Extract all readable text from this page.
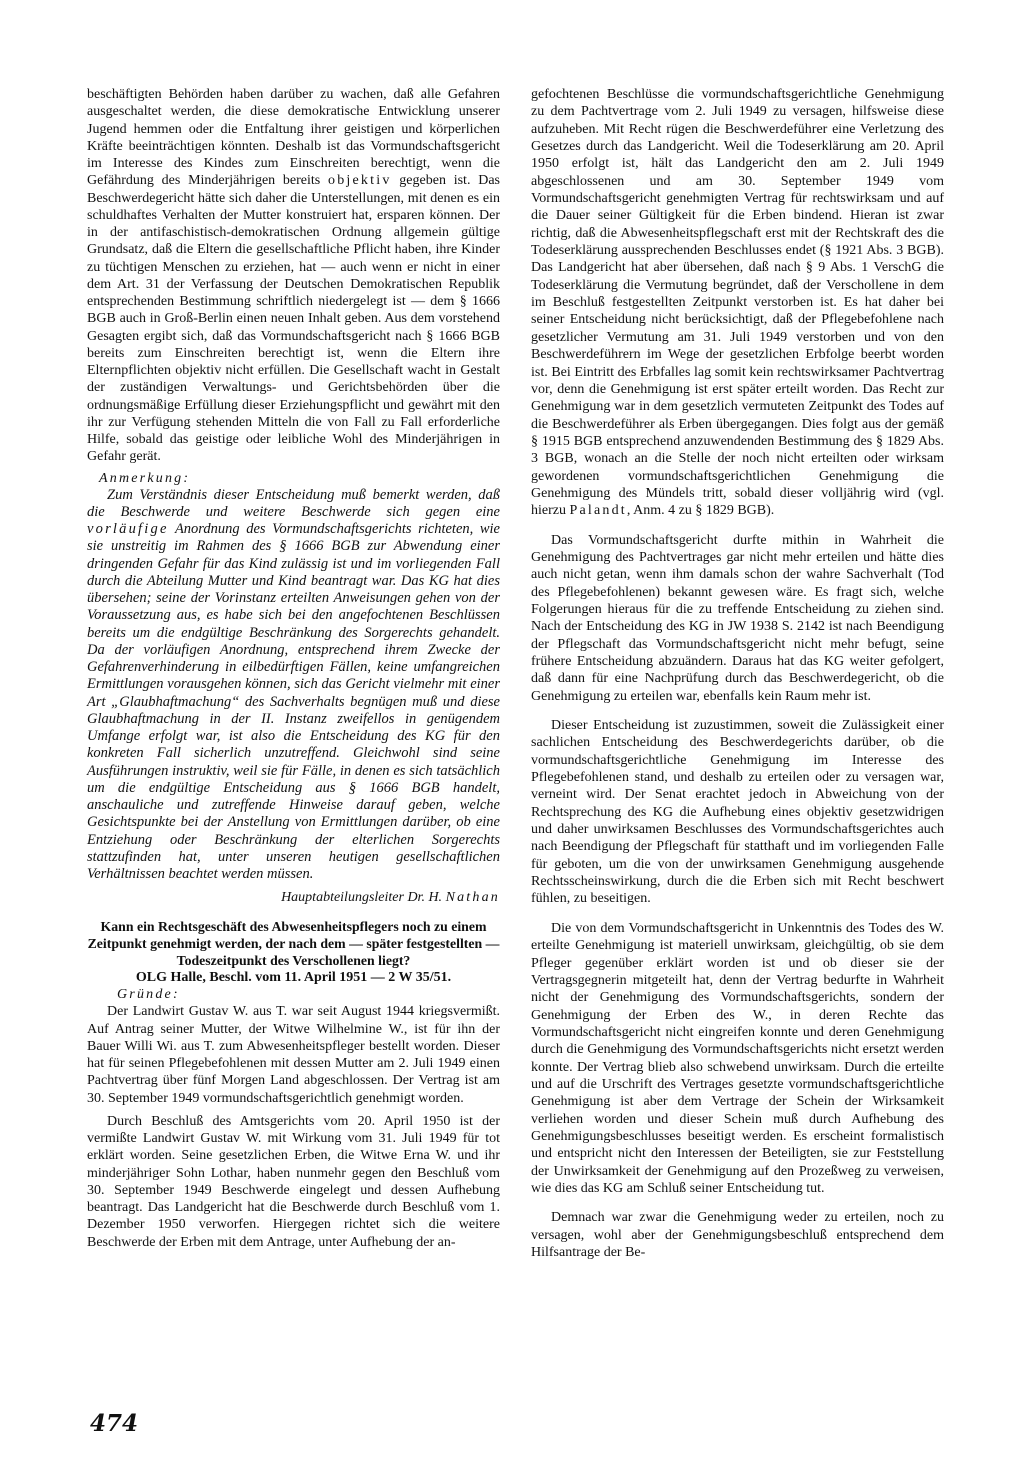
beschäftigten Behörden haben darüber zu wachen, daß alle Gefahren ausgeschaltet werden, die diese demokratische Entwicklung unserer Jugend hemmen oder die Entfaltung ihrer geistigen und körperlichen Kräfte beeinträchtigen könnten. Deshalb ist das Vormundschaftsgericht im Interesse des Kindes zum Einschreiten berechtigt, wenn die Gefährdung des Minderjährigen bereits objektiv gegeben ist. Das Beschwerdegericht hätte sich daher die Unterstellungen, mit denen es ein schuldhaftes Verhalten der Mutter konstruiert hat, ersparen können. Der in der antifaschistisch-demokratischen Ordnung allgemein gültige Grundsatz, daß die Eltern die gesellschaftliche Pflicht haben, ihre Kinder zu tüchtigen Menschen zu erziehen, hat — auch wenn er nicht in einer dem Art. 31 der Verfassung der Deutschen Demokratischen Republik entsprechenden Bestimmung schriftlich niedergelegt ist — dem § 1666 BGB auch in Groß-Berlin einen neuen Inhalt geben. Aus dem vorstehend Gesagten ergibt sich, daß das Vormundschaftsgericht nach § 1666 BGB bereits zum Einschreiten berechtigt ist, wenn die Eltern ihre Elternpflichten objektiv nicht erfüllen. Die Gesellschaft wacht in Gestalt der zuständigen Verwaltungs- und Gerichtsbehörden über die ordnungsmäßige Erfüllung dieser Erziehungspflicht und gewährt mit den ihr zur Verfügung stehenden Mitteln die von Fall zu Fall erforderliche Hilfe, sobald das geistige oder leibliche Wohl des Minderjährigen in Gefahr gerät.

Anmerkung:

Zum Verständnis dieser Entscheidung muß bemerkt werden, daß die Beschwerde und weitere Beschwerde sich gegen eine vorläufige Anordnung des Vormundschaftsgerichts richteten, wie sie unstreitig im Rahmen des § 1666 BGB zur Abwendung einer dringenden Gefahr für das Kind zulässig ist und im vorliegenden Fall durch die Abteilung Mutter und Kind beantragt war. Das KG hat dies übersehen; seine der Vorinstanz erteilten Anweisungen gehen von der Voraussetzung aus, es habe sich bei den angefochtenen Beschlüssen bereits um die endgültige Beschränkung des Sorgerechts gehandelt. Da der vorläufigen Anordnung, entsprechend ihrem Zwecke der Gefahrenverhinderung in eilbedürftigen Fällen, keine umfangreichen Ermittlungen vorausgehen können, sich das Gericht vielmehr mit einer Art „Glaubhaftmachung“ des Sachverhalts begnügen muß und diese Glaubhaftmachung in der II. Instanz zweifellos in genügendem Umfange erfolgt war, ist also die Entscheidung des KG für den konkreten Fall sicherlich unzutreffend. Gleichwohl sind seine Ausführungen instruktiv, weil sie für Fälle, in denen es sich tatsächlich um die endgültige Entscheidung aus § 1666 BGB handelt, anschauliche und zutreffende Hinweise darauf geben, welche Gesichtspunkte bei der Anstellung von Ermittlungen darüber, ob eine Entziehung oder Beschränkung der elterlichen Sorgerechts stattzufinden hat, unter unseren heutigen gesellschaftlichen Verhältnissen beachtet werden müssen.

Hauptabteilungsleiter Dr. H. Nathan

Kann ein Rechtsgeschäft des Abwesenheitspflegers noch zu einem Zeitpunkt genehmigt werden, der nach dem — später festgestellten — Todeszeitpunkt des Verschollenen liegt?

OLG Halle, Beschl. vom 11. April 1951 — 2 W 35/51.

Gründe:

Der Landwirt Gustav W. aus T. war seit August 1944 kriegsvermißt. Auf Antrag seiner Mutter, der Witwe Wilhelmine W., ist für ihn der Bauer Willi Wi. aus T. zum Abwesenheitspfleger bestellt worden. Dieser hat für seinen Pflegebefohlenen mit dessen Mutter am 2. Juli 1949 einen Pachtvertrag über fünf Morgen Land abgeschlossen. Der Vertrag ist am 30. September 1949 vormundschaftsgerichtlich genehmigt worden.

Durch Beschluß des Amtsgerichts vom 20. April 1950 ist der vermißte Landwirt Gustav W. mit Wirkung vom 31. Juli 1949 für tot erklärt worden. Seine gesetzlichen Erben, die Witwe Erna W. und ihr minderjähriger Sohn Lothar, haben nunmehr gegen den Beschluß vom 30. September 1949 Beschwerde eingelegt und dessen Aufhebung beantragt. Das Landgericht hat die Beschwerde durch Beschluß vom 1. Dezember 1950 verworfen. Hiergegen richtet sich die weitere Beschwerde der Erben mit dem Antrage, unter Aufhebung der an-

gefochtenen Beschlüsse die vormundschaftsgerichtliche Genehmigung zu dem Pachtvertrage vom 2. Juli 1949 zu versagen, hilfsweise diese aufzuheben. Mit Recht rügen die Beschwerdeführer eine Verletzung des Gesetzes durch das Landgericht. Weil die Todeserklärung am 20. April 1950 erfolgt ist, hält das Landgericht den am 2. Juli 1949 abgeschlossenen und am 30. September 1949 vom Vormundschaftsgericht genehmigten Vertrag für rechtswirksam und auf die Dauer seiner Gültigkeit für die Erben bindend. Hieran ist zwar richtig, daß die Abwesenheitspflegschaft erst mit der Rechtskraft des die Todeserklärung aussprechenden Beschlusses endet (§ 1921 Abs. 3 BGB). Das Landgericht hat aber übersehen, daß nach § 9 Abs. 1 VerschG die Todeserklärung die Vermutung begründet, daß der Verschollene in dem im Beschluß festgestellten Zeitpunkt verstorben ist. Es hat daher bei seiner Entscheidung nicht berücksichtigt, daß der Pflegebefohlene nach gesetzlicher Vermutung am 31. Juli 1949 verstorben und von den Beschwerdeführern im Wege der gesetzlichen Erbfolge beerbt worden ist. Bei Eintritt des Erbfalles lag somit kein rechtswirksamer Pachtvertrag vor, denn die Genehmigung ist erst später erteilt worden. Das Recht zur Genehmigung war in dem gesetzlich vermuteten Zeitpunkt des Todes auf die Beschwerdeführer als Erben übergegangen. Dies folgt aus der gemäß § 1915 BGB entsprechend anzuwendenden Bestimmung des § 1829 Abs. 3 BGB, wonach an die Stelle der noch nicht erteilten oder wirksam gewordenen vormundschaftsgerichtlichen Genehmigung die Genehmigung des Mündels tritt, sobald dieser volljährig wird (vgl. hierzu Palandt, Anm. 4 zu § 1829 BGB).

Das Vormundschaftsgericht durfte mithin in Wahrheit die Genehmigung des Pachtvertrages gar nicht mehr erteilen und hätte dies auch nicht getan, wenn ihm damals schon der wahre Sachverhalt (Tod des Pflegebefohlenen) bekannt gewesen wäre. Es fragt sich, welche Folgerungen hieraus für die zu treffende Entscheidung zu ziehen sind. Nach der Entscheidung des KG in JW 1938 S. 2142 ist nach Beendigung der Pflegschaft das Vormundschaftsgericht nicht mehr befugt, seine frühere Entscheidung abzuändern. Daraus hat das KG weiter gefolgert, daß dann für eine Nachprüfung durch das Beschwerdegericht, ob die Genehmigung zu erteilen war, ebenfalls kein Raum mehr ist.

Dieser Entscheidung ist zuzustimmen, soweit die Zulässigkeit einer sachlichen Entscheidung des Beschwerdegerichts darüber, ob die vormundschaftsgerichtliche Genehmigung im Interesse des Pflegebefohlenen stand, und deshalb zu erteilen oder zu versagen war, verneint wird. Der Senat erachtet jedoch in Abweichung von der Rechtsprechung des KG die Aufhebung eines objektiv gesetzwidrigen und daher unwirksamen Beschlusses des Vormundschaftsgerichtes auch nach Beendigung der Pflegschaft für statthaft und im vorliegenden Falle für geboten, um die von der unwirksamen Genehmigung ausgehende Rechtsscheinswirkung, durch die die Erben sich mit Recht beschwert fühlen, zu beseitigen.

Die von dem Vormundschaftsgericht in Unkenntnis des Todes des W. erteilte Genehmigung ist materiell unwirksam, gleichgültig, ob sie dem Pfleger gegenüber erklärt worden ist und ob dieser sie der Vertragsgegnerin mitgeteilt hat, denn der Vertrag bedurfte in Wahrheit nicht der Genehmigung des Vormundschaftsgerichts, sondern der Genehmigung der Erben des W., in deren Rechte das Vormundschaftsgericht nicht eingreifen konnte und deren Genehmigung durch die Genehmigung des Vormundschaftsgerichts nicht ersetzt werden konnte. Der Vertrag blieb also schwebend unwirksam. Durch die erteilte und auf die Urschrift des Vertrages gesetzte vormundschaftsgerichtliche Genehmigung ist aber dem Vertrage der Schein der Wirksamkeit verliehen worden und dieser Schein muß durch Aufhebung des Genehmigungsbeschlusses beseitigt werden. Es erscheint formalistisch und entspricht nicht den Interessen der Beteiligten, sie zur Feststellung der Unwirksamkeit der Genehmigung auf den Prozeßweg zu verweisen, wie dies das KG am Schluß seiner Entscheidung tut.

Demnach war zwar die Genehmigung weder zu erteilen, noch zu versagen, wohl aber der Genehmigungsbeschluß entsprechend dem Hilfsantrage der Be-

474
